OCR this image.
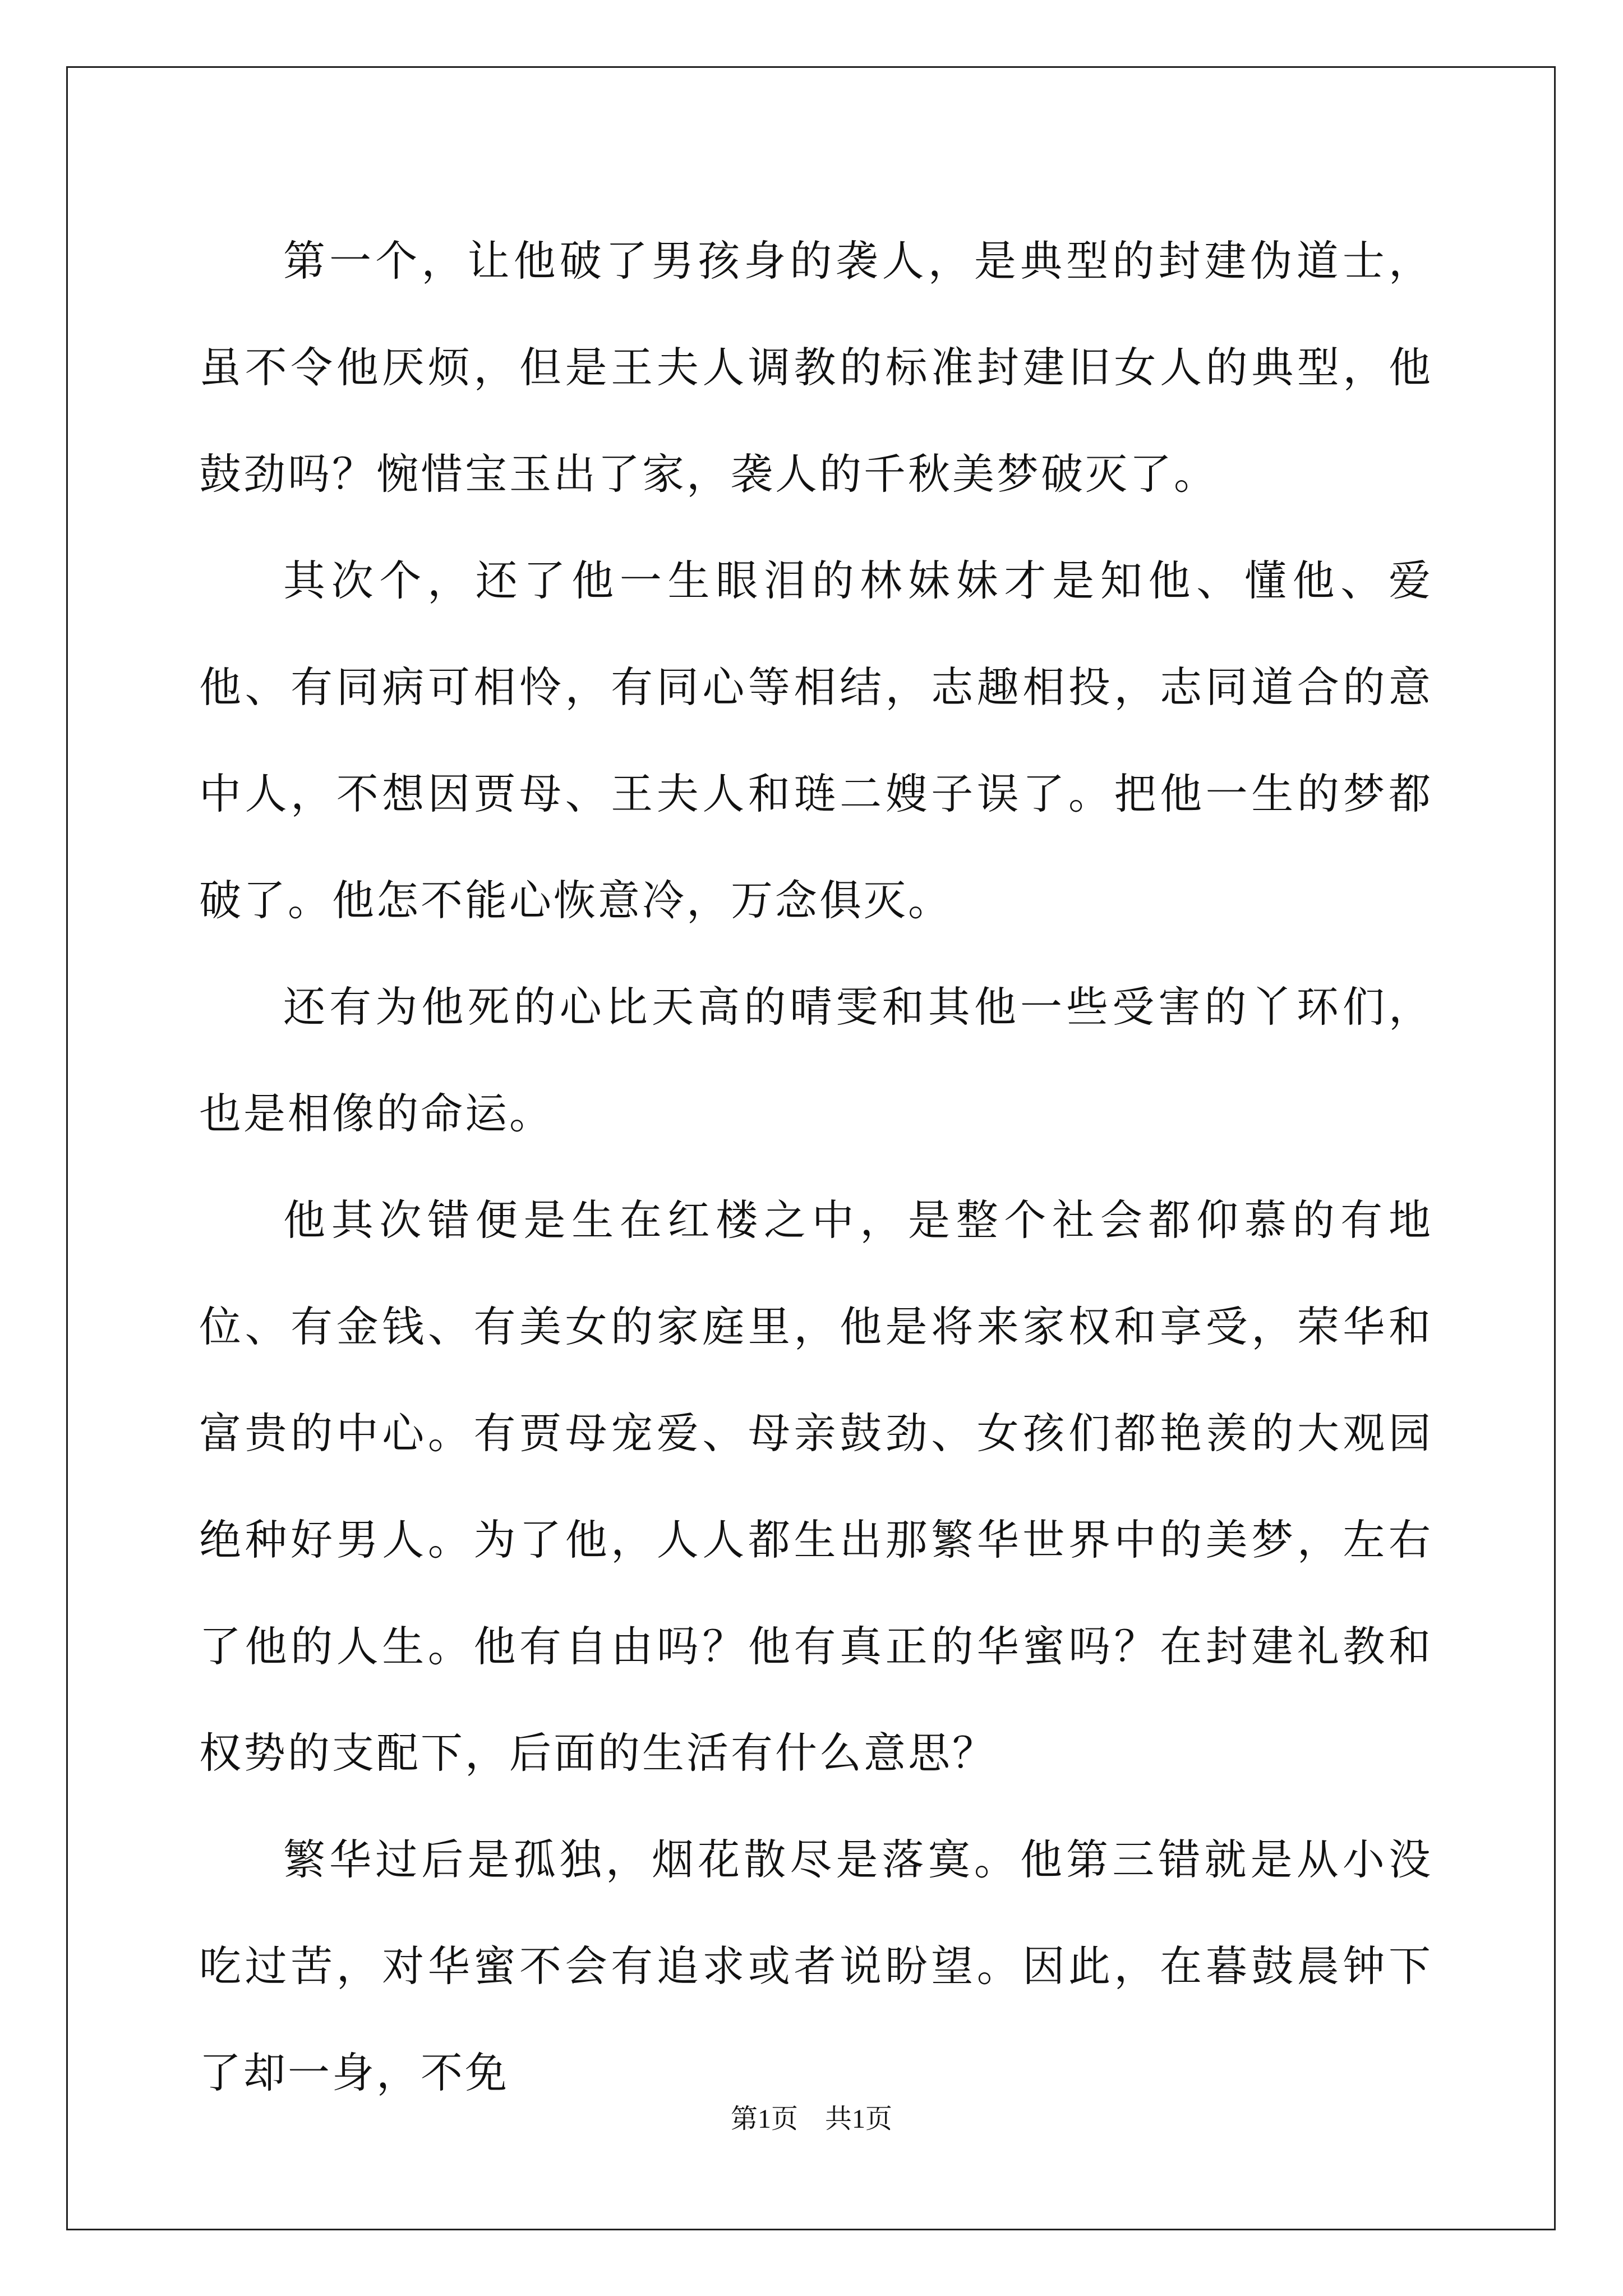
第一个，让他破了男孩身的袭人，是典型的封建伪道士，虽不令他厌烦，但是王夫人调教的标准封建旧女人的典型，他鼓劲吗？惋惜宝玉出了家，袭人的千秋美梦破灭了。

其次个，还了他一生眼泪的林妹妹才是知他、懂他、爱他、有同病可相怜，有同心等相结，志趣相投，志同道合的意中人，不想因贾母、王夫人和琏二嫂子误了。把他一生的梦都破了。他怎不能心恢意冷，万念俱灭。

还有为他死的心比天高的晴雯和其他一些受害的丫环们，也是相像的命运。

他其次错便是生在红楼之中，是整个社会都仰慕的有地位、有金钱、有美女的家庭里，他是将来家权和享受，荣华和富贵的中心。有贾母宠爱、母亲鼓劲、女孩们都艳羡的大观园绝种好男人。为了他，人人都生出那繁华世界中的美梦，左右了他的人生。他有自由吗？他有真正的华蜜吗？在封建礼教和权势的支配下，后面的生活有什么意思？

繁华过后是孤独，烟花散尽是落寞。他第三错就是从小没吃过苦，对华蜜不会有追求或者说盼望。因此，在暮鼓晨钟下了却一身，不免

第1页 共1页
